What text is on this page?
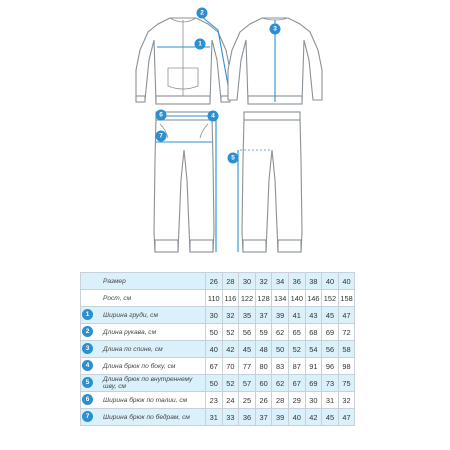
1
2
3
4
5
6
7
Размер	26	28	30	32	34	36	38	40	40
Рост, см	110	116	122	128	134	140	146	152	158
Ширина груди, см	30	32	35	37	39	41	43	45	47
Длина рукава, см	50	52	56	59	62	65	68	69	72
Длина по спине, см	40	42	45	48	50	52	54	56	58
Длина брюк по боку, см	67	70	77	80	83	87	91	96	98
Длина брюк по внутреннему шву, см	50	52	57	60	62	67	69	73	75
Ширина брюк по талии, см	23	24	25	26	28	29	30	31	32
Ширина брюк по бедрам, см	31	33	36	37	39	40	42	45	47
1
2
3
4
5
6
7
